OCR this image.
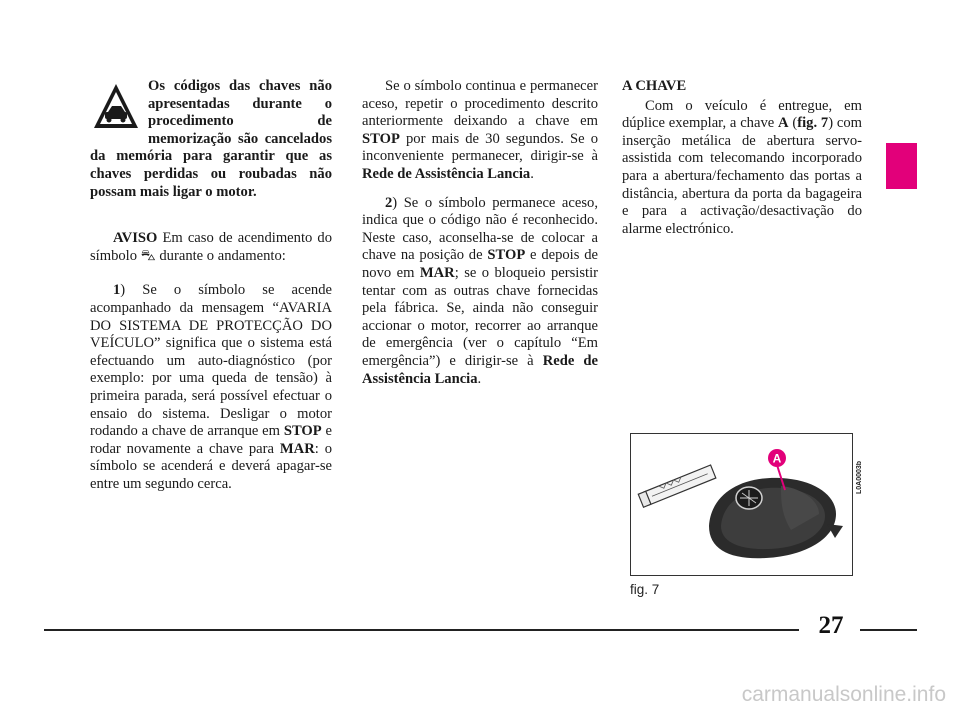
Os códigos das chaves não apresentadas durante o procedimento de memorização são cancelados da memória para garantir que as chaves perdidas ou roubadas não possam mais ligar o motor.

AVISO Em caso de acendimento do símbolo ⛍ durante o andamento:

1) Se o símbolo se acende acompanhado da mensagem “AVARIA DO SISTEMA DE PROTECÇÃO DO VEÍCULO” significa que o sistema está efectuando um auto-diagnóstico (por exemplo: por uma queda de tensão) à primeira parada, será possível efectuar o ensaio do sistema. Desligar o motor rodando a chave de arranque em STOP e rodar novamente a chave para MAR: o símbolo se acenderá e deverá apagar-se entre um segundo cerca.

Se o símbolo continua e permanecer aceso, repetir o procedimento descrito anteriormente deixando a chave em STOP por mais de 30 segundos. Se o inconveniente permanecer, dirigir-se à Rede de Assistência Lancia.

2) Se o símbolo permanece aceso, indica que o código não é reconhecido. Neste caso, aconselha-se de colocar a chave na posição de STOP e depois de novo em MAR; se o bloqueio persistir tentar com as outras chave fornecidas pela fábrica. Se, ainda não conseguir accionar o motor, recorrer ao arranque de emergência (ver o capítulo “Em emergência”) e dirigir-se à Rede de Assistência Lancia.

A CHAVE

Com o veículo é entregue, em dúplice exemplar, a chave A (fig. 7) com inserção metálica de abertura servo-assistida com telecomando incorporado para a abertura/fechamento das portas a distância, abertura da porta da bagageira e para a activação/desactivação do alarme electrónico.

A
L0A0003b
fig. 7
27
carmanualsonline.info
